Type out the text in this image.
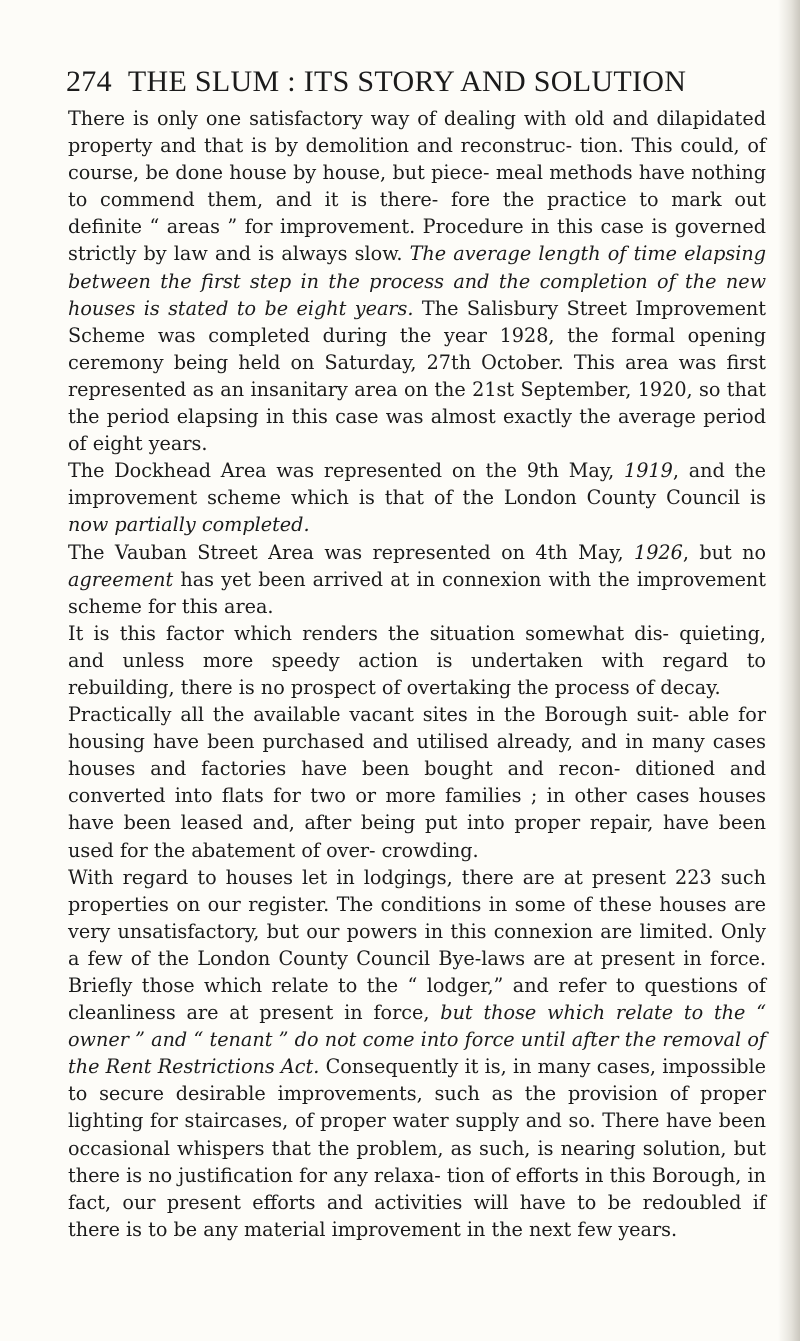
274 THE SLUM : ITS STORY AND SOLUTION

There is only one satisfactory way of dealing with old and dilapidated property and that is by demolition and reconstruc- tion. This could, of course, be done house by house, but piece- meal methods have nothing to commend them, and it is there- fore the practice to mark out definite “ areas ” for improvement. Procedure in this case is governed strictly by law and is always slow. The average length of time elapsing between the first step in the process and the completion of the new houses is stated to be eight years. The Salisbury Street Improvement Scheme was completed during the year 1928, the formal opening ceremony being held on Saturday, 27th October. This area was first represented as an insanitary area on the 21st September, 1920, so that the period elapsing in this case was almost exactly the average period of eight years.

The Dockhead Area was represented on the 9th May, 1919, and the improvement scheme which is that of the London County Council is now partially completed.

The Vauban Street Area was represented on 4th May, 1926, but no agreement has yet been arrived at in connexion with the improvement scheme for this area.

It is this factor which renders the situation somewhat dis- quieting, and unless more speedy action is undertaken with regard to rebuilding, there is no prospect of overtaking the process of decay.

Practically all the available vacant sites in the Borough suit- able for housing have been purchased and utilised already, and in many cases houses and factories have been bought and recon- ditioned and converted into flats for two or more families ; in other cases houses have been leased and, after being put into proper repair, have been used for the abatement of over- crowding.

With regard to houses let in lodgings, there are at present 223 such properties on our register. The conditions in some of these houses are very unsatisfactory, but our powers in this connexion are limited. Only a few of the London County Council Bye-laws are at present in force. Briefly those which relate to the “ lodger,” and refer to questions of cleanliness are at present in force, but those which relate to the “ owner ” and “ tenant ” do not come into force until after the removal of the Rent Restrictions Act. Consequently it is, in many cases, impossible to secure desirable improvements, such as the provision of proper lighting for staircases, of proper water supply and so. There have been occasional whispers that the problem, as such, is nearing solution, but there is no justification for any relaxa- tion of efforts in this Borough, in fact, our present efforts and activities will have to be redoubled if there is to be any material improvement in the next few years.
